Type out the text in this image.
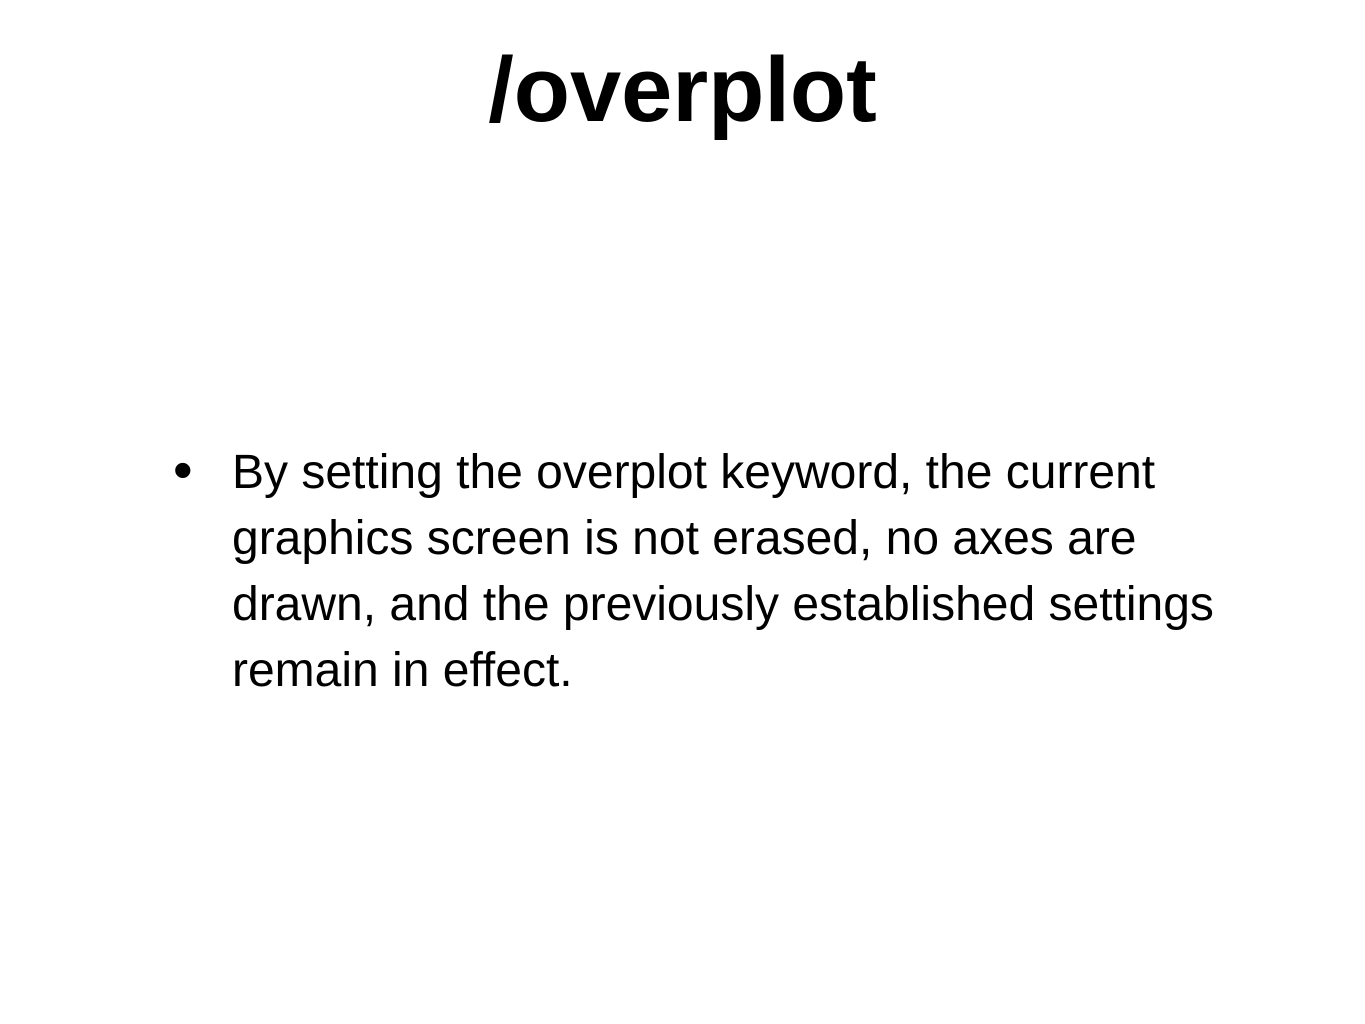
/overplot
• By setting the overplot keyword, the current graphics screen is not erased, no axes are drawn, and the previously established settings remain in effect.
